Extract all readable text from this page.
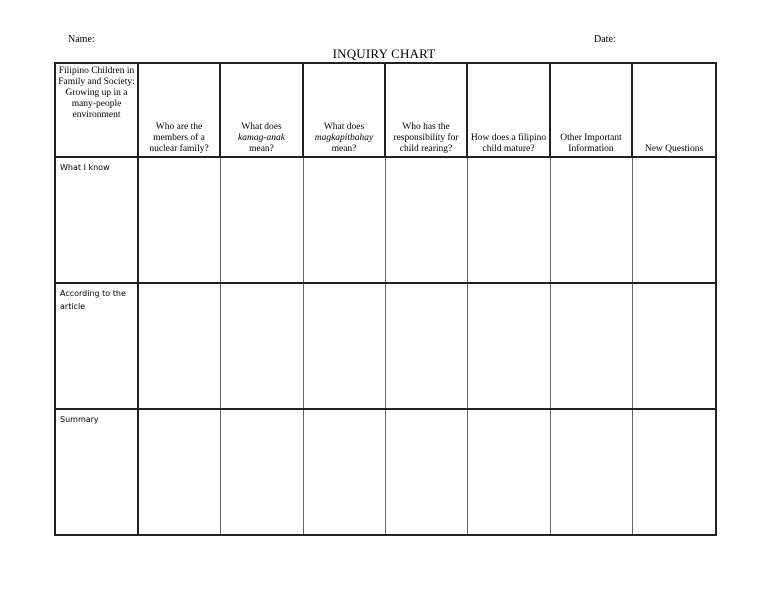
Name:	Date:
INQUIRY CHART
Filipino Children in Family and Society: Growing up in a many-people environment	Who are the members of a nuclear family?	What does
kamag-anak
mean?	What does
magkapitbahay
mean?	Who has the responsibility for child rearing?	How does a filipino child mature?	Other Important Information	New Questions
What I know							
According to the article							
Summary							
